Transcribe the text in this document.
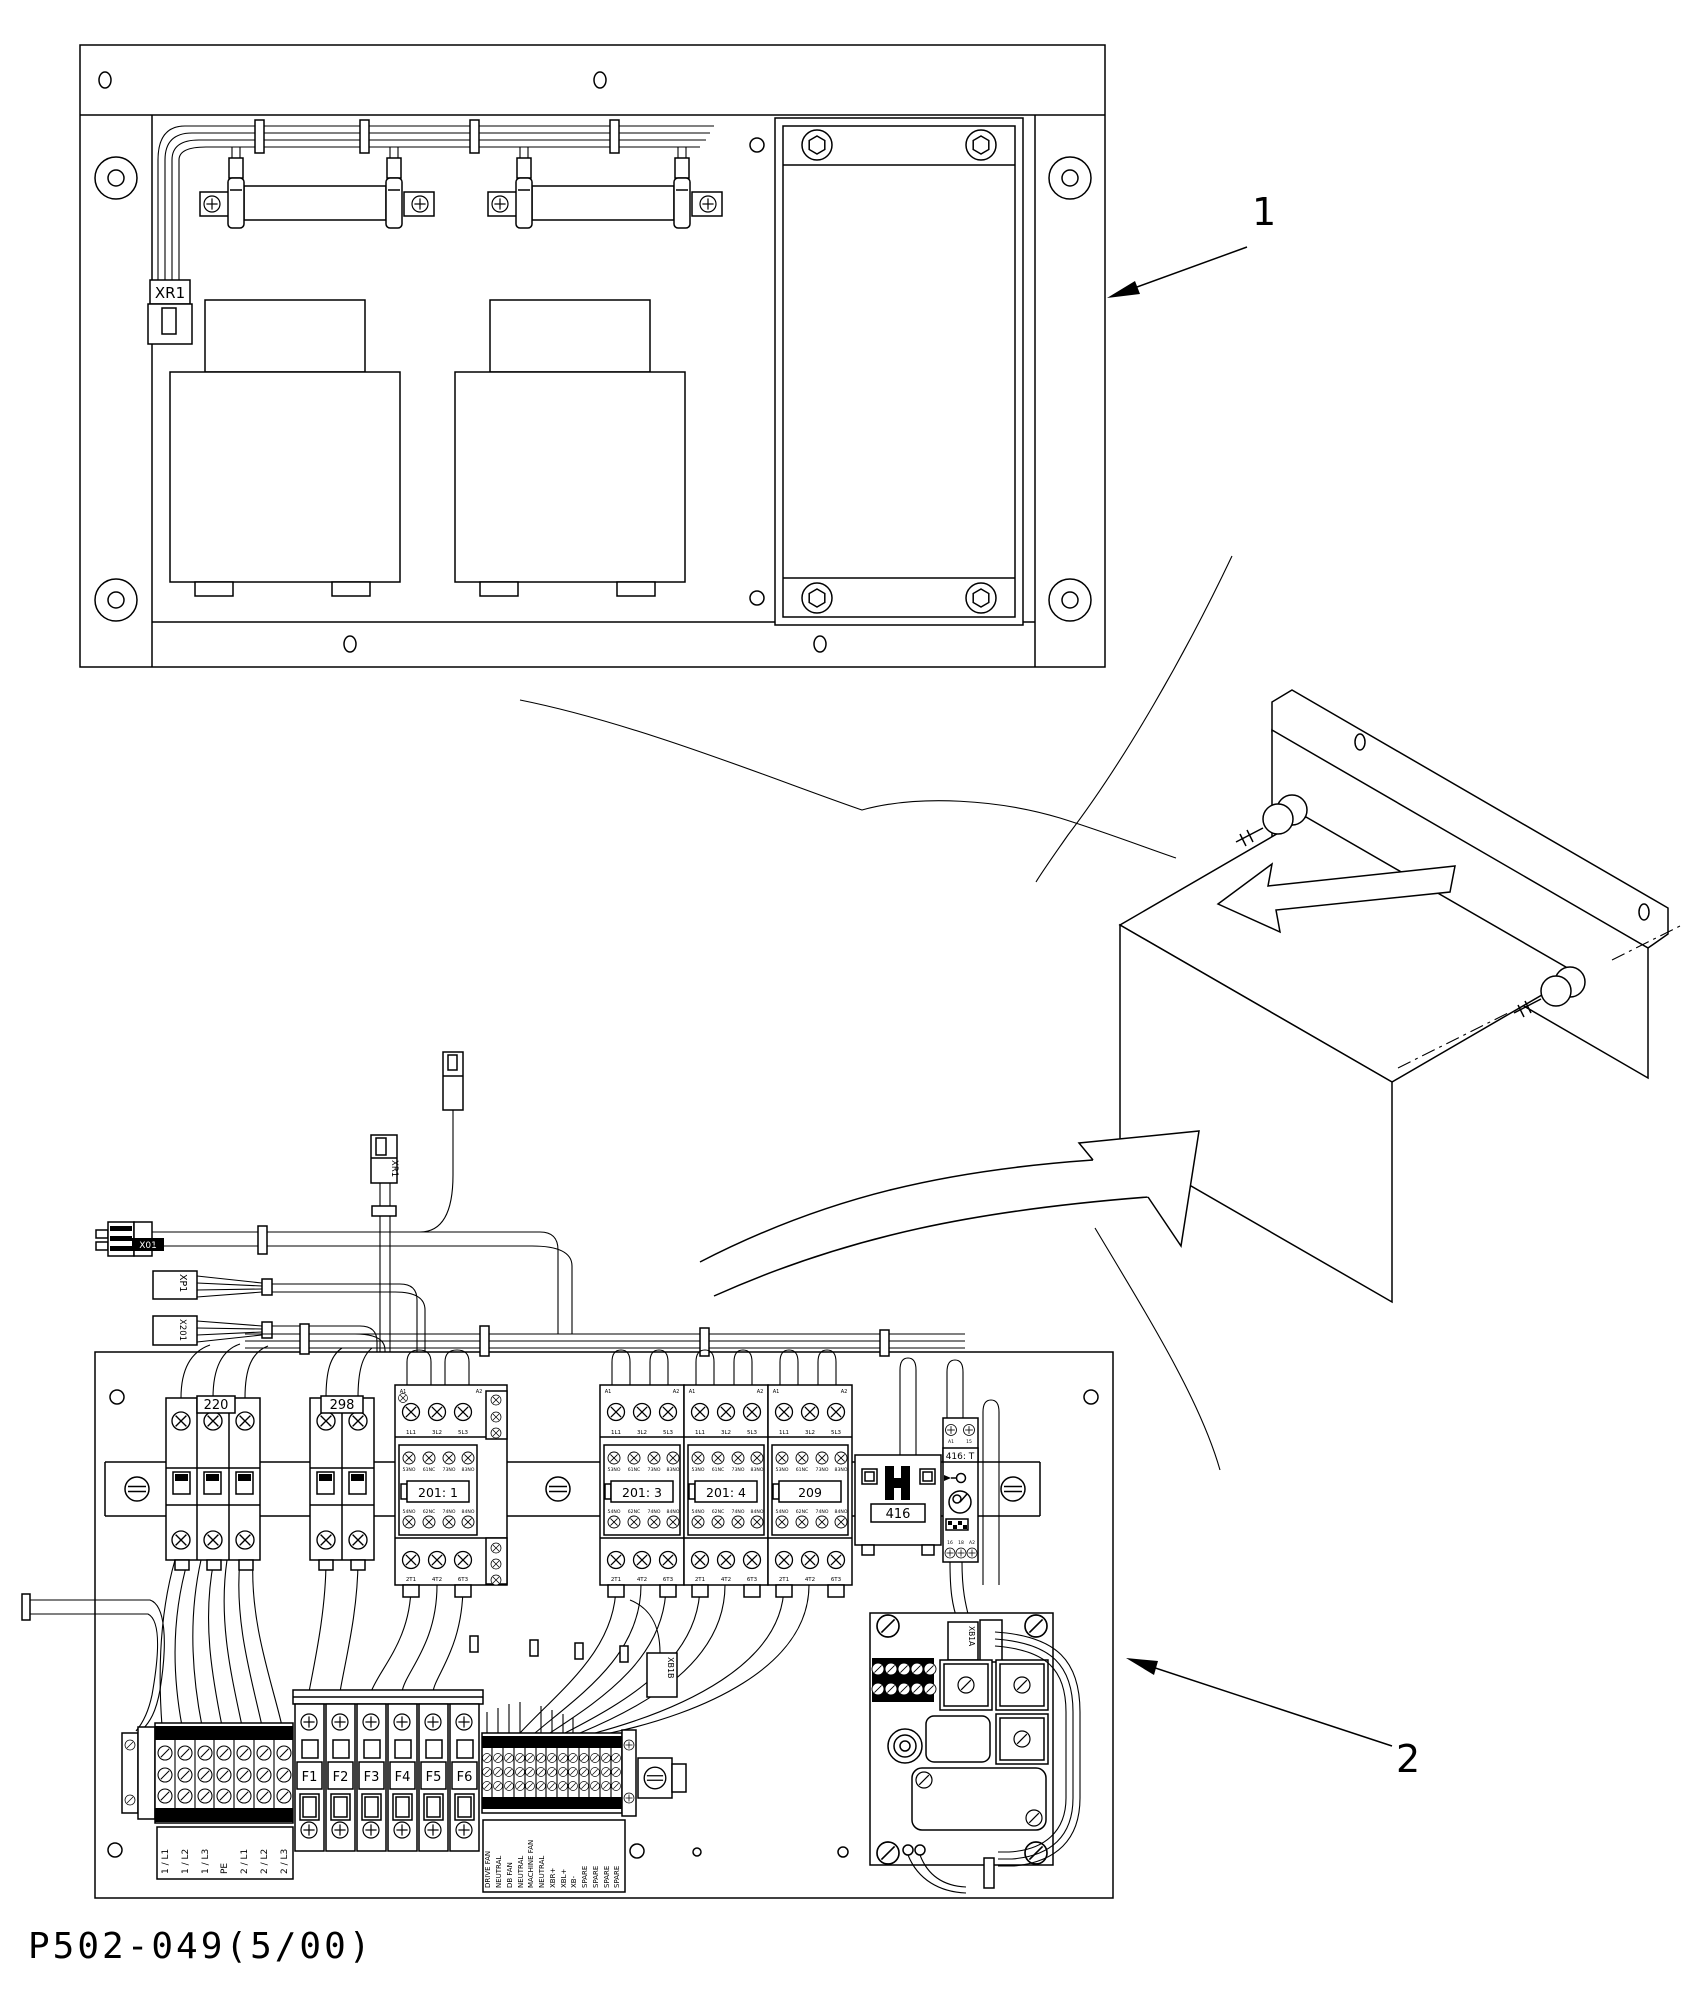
XR1
1
X01
XP1
X201
XR1
220	298
A1	A2
1L1	3L2	5L3
53NO 61NC 73NO 83NO
201: 1
54NO 62NC 74NO 84NO
2T1	4T2	6T3
A1	A2
1L1	3L2	5L3
53NO 61NC 73NO 83NO
201: 3
54NO 62NC 74NO 84NO
2T1	4T2	6T3
A1	A2
1L1	3L2	5L3
53NO 61NC 73NO 83NO
201: 4
54NO 62NC 74NO 84NO
2T1	4T2	6T3
A1	A2
1L1	3L2	5L3
53NO 61NC 73NO 83NO
209
54NO 62NC 74NO 84NO
2T1	4T2	6T3
416
A1	15
416: T
16 18 A2
1 / L1 1 / L2 1 / L3 PE 2 / L1 2 / L2 2 / L3
F1 F2 F3 F4 F5 F6
XB1B
DRIVE FAN NEUTRAL DB FAN NEUTRAL MACHINE FAN NEUTRAL XBR+ XBL+ XB- SPARE SPARE SPARE SPARE
XB1A
2
P502-049(5/00)
